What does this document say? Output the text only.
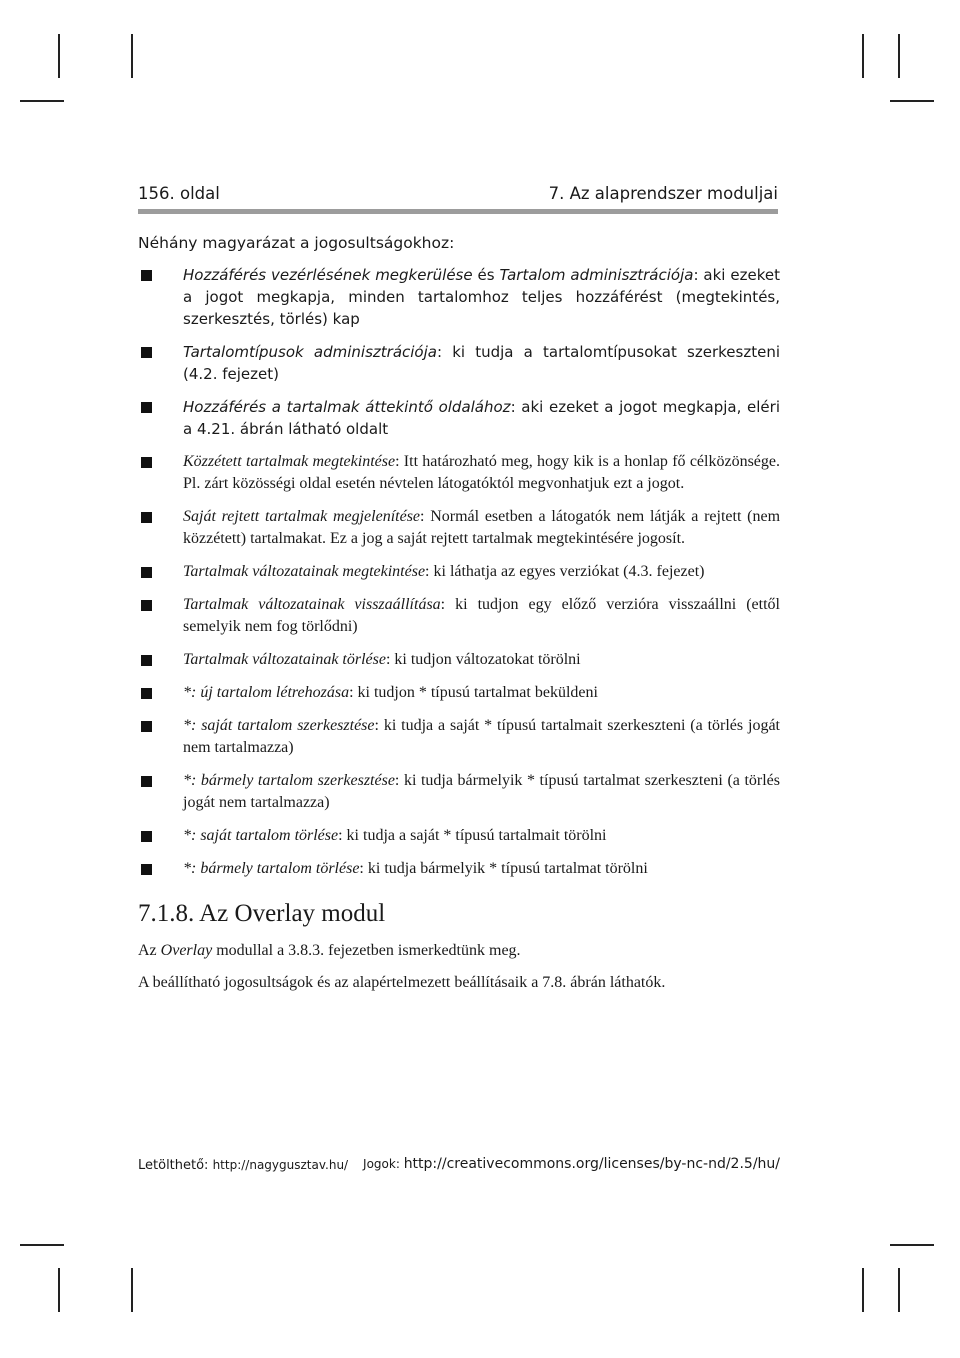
156. oldal	7. Az alaprendszer moduljai

Néhány magyarázat a jogosultságokhoz:

Hozzáférés vezérlésének megkerülése és Tartalom adminisztrációja: aki ezeket a jogot megkapja, minden tartalomhoz teljes hozzáférést (megtekintés, szerkesztés, törlés) kap
Tartalomtípusok adminisztrációja: ki tudja a tartalomtípusokat szerkeszteni (4.2. fejezet)
Hozzáférés a tartalmak áttekintő oldalához: aki ezeket a jogot megkapja, eléri a 4.21. ábrán látható oldalt
Közzétett tartalmak megtekintése: Itt határozható meg, hogy kik is a honlap fő célközönsége. Pl. zárt közösségi oldal esetén névtelen látogatóktól megvonhatjuk ezt a jogot.
Saját rejtett tartalmak megjelenítése: Normál esetben a látogatók nem látják a rejtett (nem közzétett) tartalmakat. Ez a jog a saját rejtett tartalmak megtekintésére jogosít.
Tartalmak változatainak megtekintése: ki láthatja az egyes verziókat (4.3. fejezet)
Tartalmak változatainak visszaállítása: ki tudjon egy előző verzióra visszaállni (ettől semelyik nem fog törlődni)
Tartalmak változatainak törlése: ki tudjon változatokat törölni
*: új tartalom létrehozása: ki tudjon * típusú tartalmat beküldeni
*: saját tartalom szerkesztése: ki tudja a saját * típusú tartalmait szerkeszteni (a törlés jogát nem tartalmazza)
*: bármely tartalom szerkesztése: ki tudja bármelyik * típusú tartalmat szerkeszteni (a törlés jogát nem tartalmazza)
*: saját tartalom törlése: ki tudja a saját * típusú tartalmait törölni
*: bármely tartalom törlése: ki tudja bármelyik * típusú tartalmat törölni
7.1.8. Az Overlay modul

Az Overlay modullal a 3.8.3. fejezetben ismerkedtünk meg.

A beállítható jogosultságok és az alapértelmezett beállításaik a 7.8. ábrán láthatók.

Letölthető: http://nagygusztav.hu/ Jogok: http://creativecommons.org/licenses/by-nc-nd/2.5/hu/
